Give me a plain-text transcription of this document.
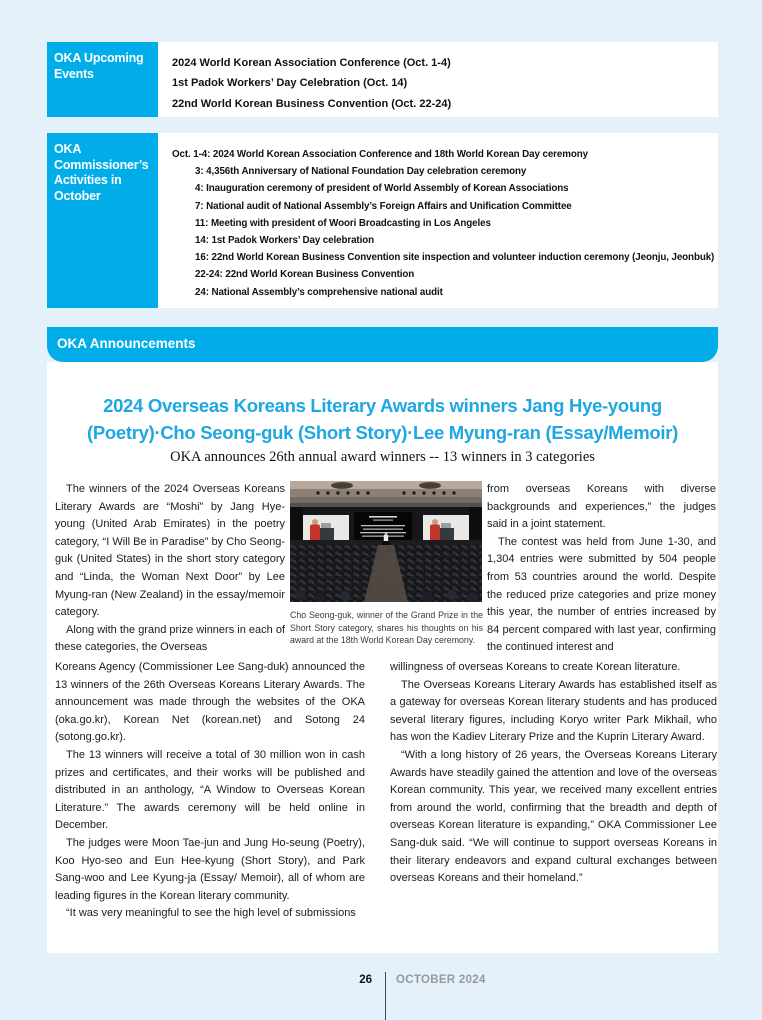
OKA Upcoming Events
2024 World Korean Association Conference (Oct. 1-4)
1st Padok Workers’ Day Celebration (Oct. 14)
22nd World Korean Business Convention (Oct. 22-24)
OKA Commissioner’s Activities in October
Oct. 1-4: 2024 World Korean Association Conference and 18th World Korean Day ceremony
3: 4,356th Anniversary of National Foundation Day celebration ceremony
4: Inauguration ceremony of president of World Assembly of Korean Associations
7: National audit of National Assembly’s Foreign Affairs and Unification Committee
11: Meeting with president of Woori Broadcasting in Los Angeles
14: 1st Padok Workers’ Day celebration
16: 22nd World Korean Business Convention site inspection and volunteer induction ceremony (Jeonju, Jeonbuk)
22-24: 22nd World Korean Business Convention
24: National Assembly’s comprehensive national audit
OKA Announcements
2024 Overseas Koreans Literary Awards winners Jang Hye-young
(Poetry)·Cho Seong-guk (Short Story)·Lee Myung-ran (Essay/Memoir)
OKA announces 26th annual award winners -- 13 winners in 3 categories

The winners of the 2024 Overseas Koreans Literary Awards are “Moshi” by Jang Hye-young (United Arab Emirates) in the poetry category, “I Will Be in Paradise” by Cho Seong-guk (United States) in the short story category and “Linda, the Woman Next Door” by Lee Myung-ran (New Zealand) in the essay/memoir category.

Along with the grand prize winners in each of these categories, the Overseas

from overseas Koreans with diverse backgrounds and experiences,” the judges said in a joint statement.

The contest was held from June 1-30, and 1,304 entries were submitted by 504 people from 53 countries around the world. Despite the reduced prize categories and prize money this year, the number of entries increased by 84 percent compared with last year, confirming the continued interest and

Koreans Agency (Commissioner Lee Sang-duk) announced the 13 winners of the 26th Overseas Koreans Literary Awards. The announcement was made through the websites of the OKA (oka.go.kr), Korean Net (korean.net) and Sotong 24 (sotong.go.kr).

The 13 winners will receive a total of 30 million won in cash prizes and certificates, and their works will be published and distributed in an anthology, “A Window to Overseas Korean Literature.” The awards ceremony will be held online in December.

The judges were Moon Tae-jun and Jung Ho-seung (Poetry), Koo Hyo-seo and Eun Hee-kyung (Short Story), and Park Sang-woo and Lee Kyung-ja (Essay/ Memoir), all of whom are leading figures in the Korean literary community.

“It was very meaningful to see the high level of submissions

willingness of overseas Koreans to create Korean literature.

The Overseas Koreans Literary Awards has established itself as a gateway for overseas Korean literary students and has produced several literary figures, including Koryo writer Park Mikhail, who has won the Kadiev Literary Prize and the Kuprin Literary Award.

“With a long history of 26 years, the Overseas Koreans Literary Awards have steadily gained the attention and love of the overseas Korean community. This year, we received many excellent entries from around the world, confirming that the breadth and depth of overseas Korean literature is expanding,” OKA Commissioner Lee Sang-duk said. “We will continue to support overseas Koreans in their literary endeavors and expand cultural exchanges between overseas Koreans and their homeland.”

Cho Seong-guk, winner of the Grand Prize in the Short Story category, shares his thoughts on his award at the 18th World Korean Day ceremony.
26 OCTOBER 2024
